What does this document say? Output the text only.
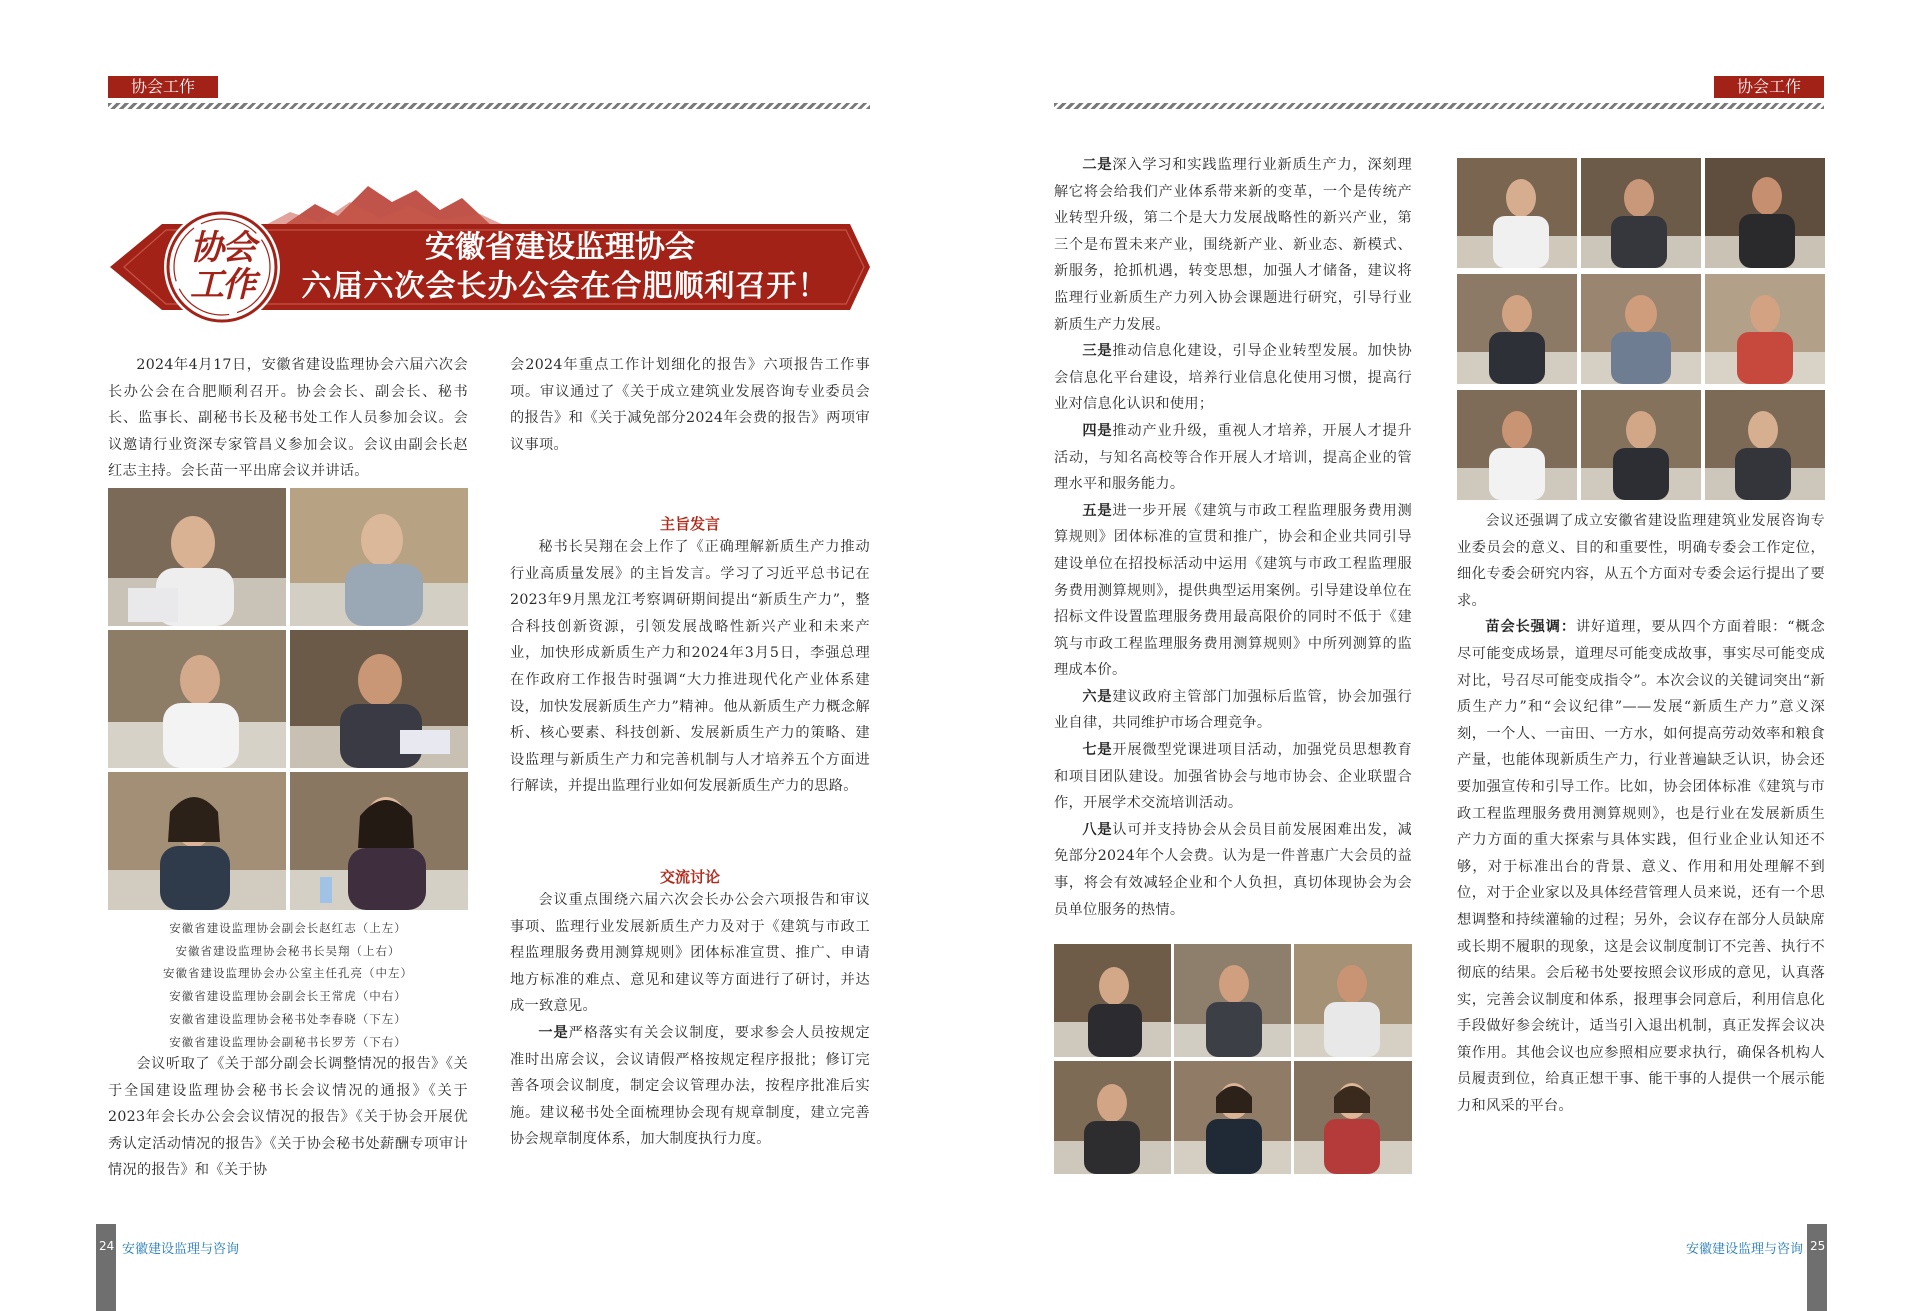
协会工作
协会工作
安徽省建设监理协会
六届六次会长办公会在合肥顺利召开！

2024年4月17日，安徽省建设监理协会六届六次会长办公会在合肥顺利召开。协会会长、副会长、秘书长、监事长、副秘书长及秘书处工作人员参加会议。会议邀请行业资深专家管昌义参加会议。会议由副会长赵红志主持。会长苗一平出席会议并讲话。

安徽省建设监理协会副会长赵红志（上左）
安徽省建设监理协会秘书长吴翔（上右）
安徽省建设监理协会办公室主任孔亮（中左）
安徽省建设监理协会副会长王常虎（中右）
安徽省建设监理协会秘书处李春晓（下左）
安徽省建设监理协会副秘书长罗芳（下右）

会议听取了《关于部分副会长调整情况的报告》《关于全国建设监理协会秘书长会议情况的通报》《关于2023年会长办公会会议情况的报告》《关于协会开展优秀认定活动情况的报告》《关于协会秘书处薪酬专项审计情况的报告》和《关于协

会2024年重点工作计划细化的报告》六项报告工作事项。审议通过了《关于成立建筑业发展咨询专业委员会的报告》和《关于减免部分2024年会费的报告》两项审议事项。

主旨发言

秘书长吴翔在会上作了《正确理解新质生产力推动行业高质量发展》的主旨发言。学习了习近平总书记在2023年9月黑龙江考察调研期间提出“新质生产力”，整合科技创新资源，引领发展战略性新兴产业和未来产业，加快形成新质生产力和2024年3月5日，李强总理在作政府工作报告时强调“大力推进现代化产业体系建设，加快发展新质生产力”精神。他从新质生产力概念解析、核心要素、科技创新、发展新质生产力的策略、建设监理与新质生产力和完善机制与人才培养五个方面进行解读，并提出监理行业如何发展新质生产力的思路。

交流讨论

会议重点围绕六届六次会长办公会六项报告和审议事项、监理行业发展新质生产力及对于《建筑与市政工程监理服务费用测算规则》团体标准宣贯、推广、申请地方标准的难点、意见和建议等方面进行了研讨，并达成一致意见。

一是严格落实有关会议制度，要求参会人员按规定准时出席会议，会议请假严格按规定程序报批；修订完善各项会议制度，制定会议管理办法，按程序批准后实施。建议秘书处全面梳理协会现有规章制度，建立完善协会规章制度体系，加大制度执行力度。

24 安徽建设监理与咨询
协会工作

二是深入学习和实践监理行业新质生产力，深刻理解它将会给我们产业体系带来新的变革，一个是传统产业转型升级，第二个是大力发展战略性的新兴产业，第三个是布置未来产业，围绕新产业、新业态、新模式、新服务，抢抓机遇，转变思想，加强人才储备，建议将监理行业新质生产力列入协会课题进行研究，引导行业新质生产力发展。

三是推动信息化建设，引导企业转型发展。加快协会信息化平台建设，培养行业信息化使用习惯，提高行业对信息化认识和使用；

四是推动产业升级，重视人才培养，开展人才提升活动，与知名高校等合作开展人才培训，提高企业的管理水平和服务能力。

五是进一步开展《建筑与市政工程监理服务费用测算规则》团体标准的宣贯和推广，协会和企业共同引导建设单位在招投标活动中运用《建筑与市政工程监理服务费用测算规则》，提供典型运用案例。引导建设单位在招标文件设置监理服务费用最高限价的同时不低于《建筑与市政工程监理服务费用测算规则》中所列测算的监理成本价。

六是建议政府主管部门加强标后监管，协会加强行业自律，共同维护市场合理竞争。

七是开展微型党课进项目活动，加强党员思想教育和项目团队建设。加强省协会与地市协会、企业联盟合作，开展学术交流培训活动。

八是认可并支持协会从会员目前发展困难出发，减免部分2024年个人会费。认为是一件普惠广大会员的益事，将会有效减轻企业和个人负担，真切体现协会为会员单位服务的热情。

会议还强调了成立安徽省建设监理建筑业发展咨询专业委员会的意义、目的和重要性，明确专委会工作定位，细化专委会研究内容，从五个方面对专委会运行提出了要求。

苗会长强调：讲好道理，要从四个方面着眼：“概念尽可能变成场景，道理尽可能变成故事，事实尽可能变成对比，号召尽可能变成指令”。本次会议的关键词突出“新质生产力”和“会议纪律”——发展“新质生产力”意义深刻，一个人、一亩田、一方水，如何提高劳动效率和粮食产量，也能体现新质生产力，行业普遍缺乏认识，协会还要加强宣传和引导工作。比如，协会团体标准《建筑与市政工程监理服务费用测算规则》，也是行业在发展新质生产力方面的重大探索与具体实践，但行业企业认知还不够，对于标准出台的背景、意义、作用和用处理解不到位，对于企业家以及具体经营管理人员来说，还有一个思想调整和持续灌输的过程；另外，会议存在部分人员缺席或长期不履职的现象，这是会议制度制订不完善、执行不彻底的结果。会后秘书处要按照会议形成的意见，认真落实，完善会议制度和体系，报理事会同意后，利用信息化手段做好参会统计，适当引入退出机制，真正发挥会议决策作用。其他会议也应参照相应要求执行，确保各机构人员履责到位，给真正想干事、能干事的人提供一个展示能力和风采的平台。

安徽建设监理与咨询 25
